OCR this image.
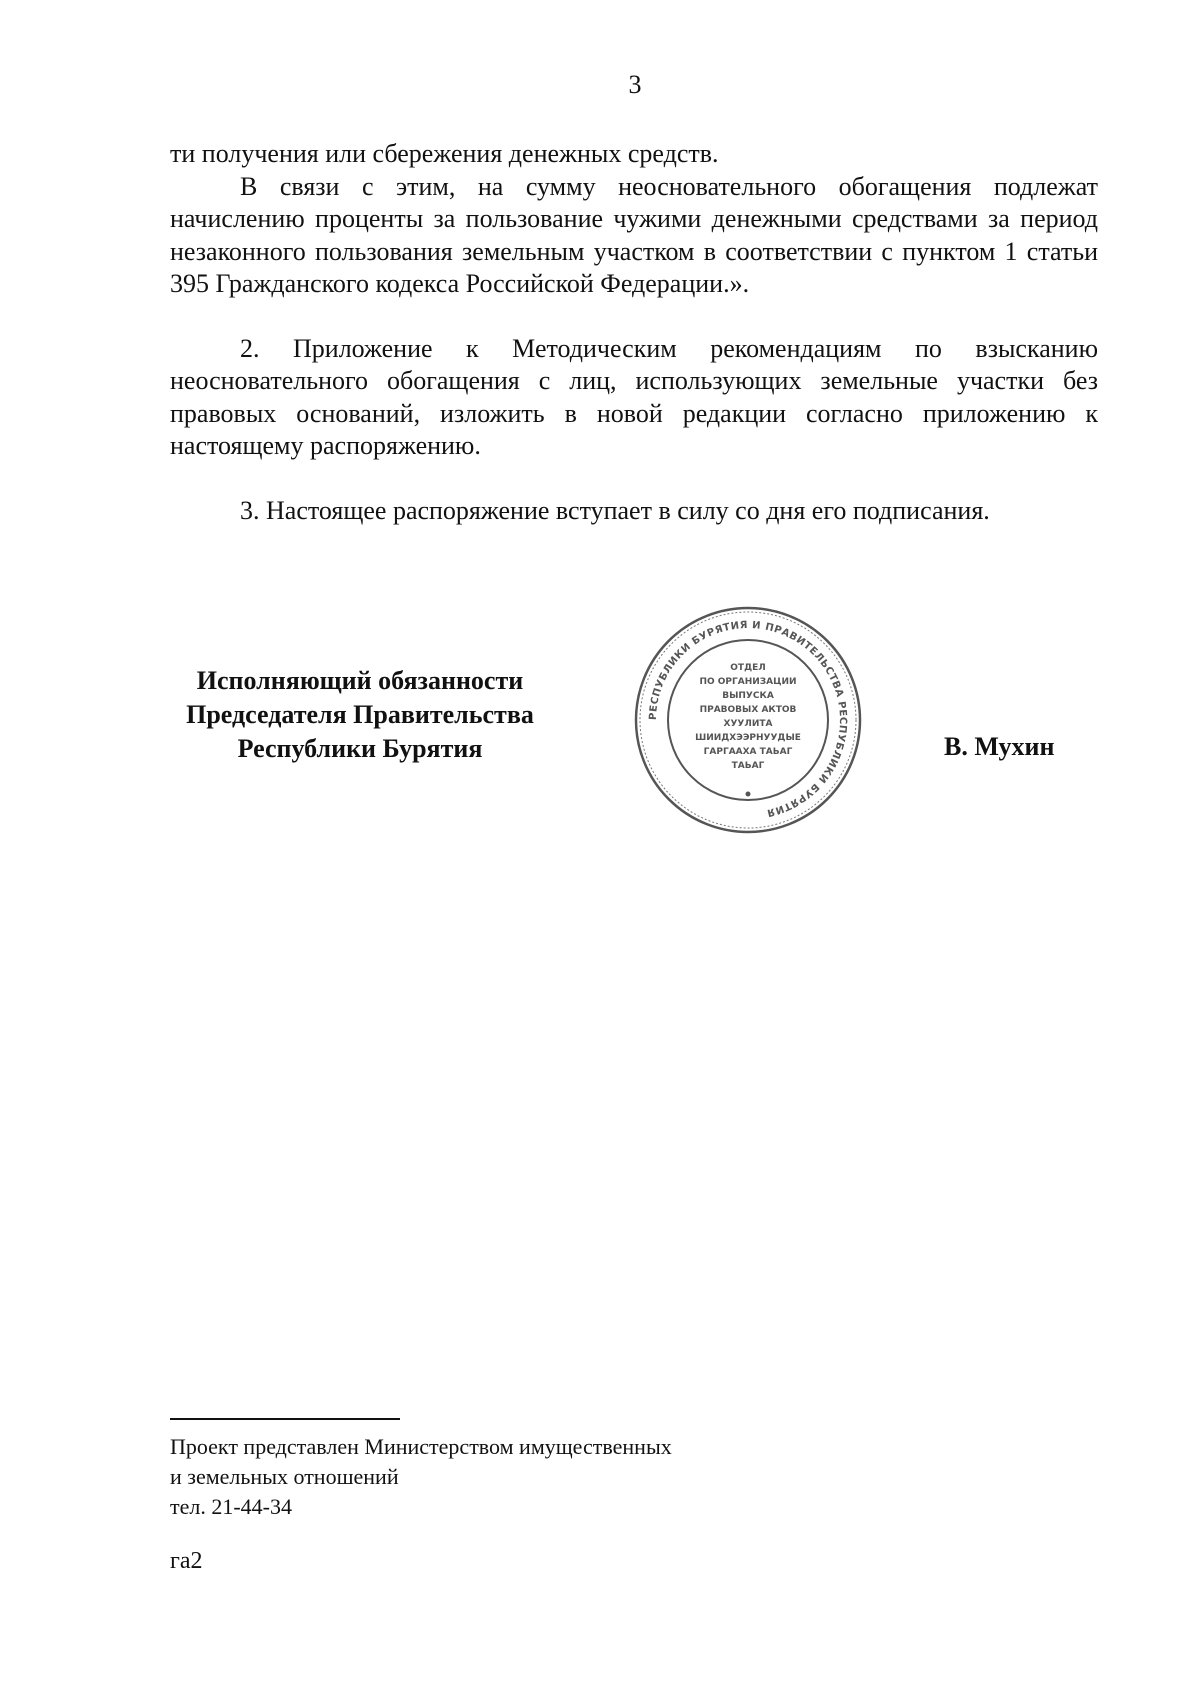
3

ти получения или сбережения денежных средств.

В связи с этим, на сумму неосновательного обогащения подлежат начислению проценты за пользование чужими денежными средствами за период незаконного пользования земельным участком в соответствии с пунктом 1 статьи 395 Гражданского кодекса Российской Федерации.».

2. Приложение к Методическим рекомендациям по взысканию неосновательного обогащения с лиц, использующих земельные участки без правовых оснований, изложить в новой редакции согласно приложению к настоящему распоряжению.

3. Настоящее распоряжение вступает в силу со дня его подписания.

Исполняющий обязанности
Председателя Правительства
Республики Бурятия
РЕСПУБЛИКИ БУРЯТИЯ И ПРАВИТЕЛЬСТВА РЕСПУБЛИКИ БУРЯТИЯ
ОТДЕЛ
ПО ОРГАНИЗАЦИИ
ВЫПУСКА
ПРАВОВЫХ АКТОВ
ХУУЛИТА
ШИИДХЭЭРНУУДЫЕ
ГАРГААХА ТАЬАГ
ТАЬАГ
В. Мухин
Проект представлен Министерством имущественных
и земельных отношений
тел. 21-44-34
га2
